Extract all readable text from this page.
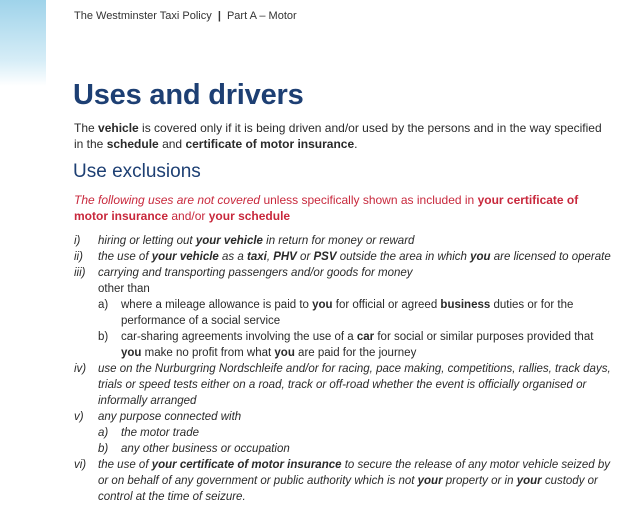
The Westminster Taxi Policy | Part A – Motor
Uses and drivers

The vehicle is covered only if it is being driven and/or used by the persons and in the way specified in the schedule and certificate of motor insurance.

Use exclusions

The following uses are not covered unless specifically shown as included in your certificate of motor insurance and/or your schedule

i) hiring or letting out your vehicle in return for money or reward
ii) the use of your vehicle as a taxi, PHV or PSV outside the area in which you are licensed to operate
iii) carrying and transporting passengers and/or goods for money
other than
a) where a mileage allowance is paid to you for official or agreed business duties or for the performance of a social service
b) car-sharing agreements involving the use of a car for social or similar purposes provided that you make no profit from what you are paid for the journey
iv) use on the Nurburgring Nordschleife and/or for racing, pace making, competitions, rallies, track days, trials or speed tests either on a road, track or off-road whether the event is officially organised or informally arranged
v) any purpose connected with
a) the motor trade
b) any other business or occupation
vi) the use of your certificate of motor insurance to secure the release of any motor vehicle seized by or on behalf of any government or public authority which is not your property or in your custody or control at the time of seizure.
